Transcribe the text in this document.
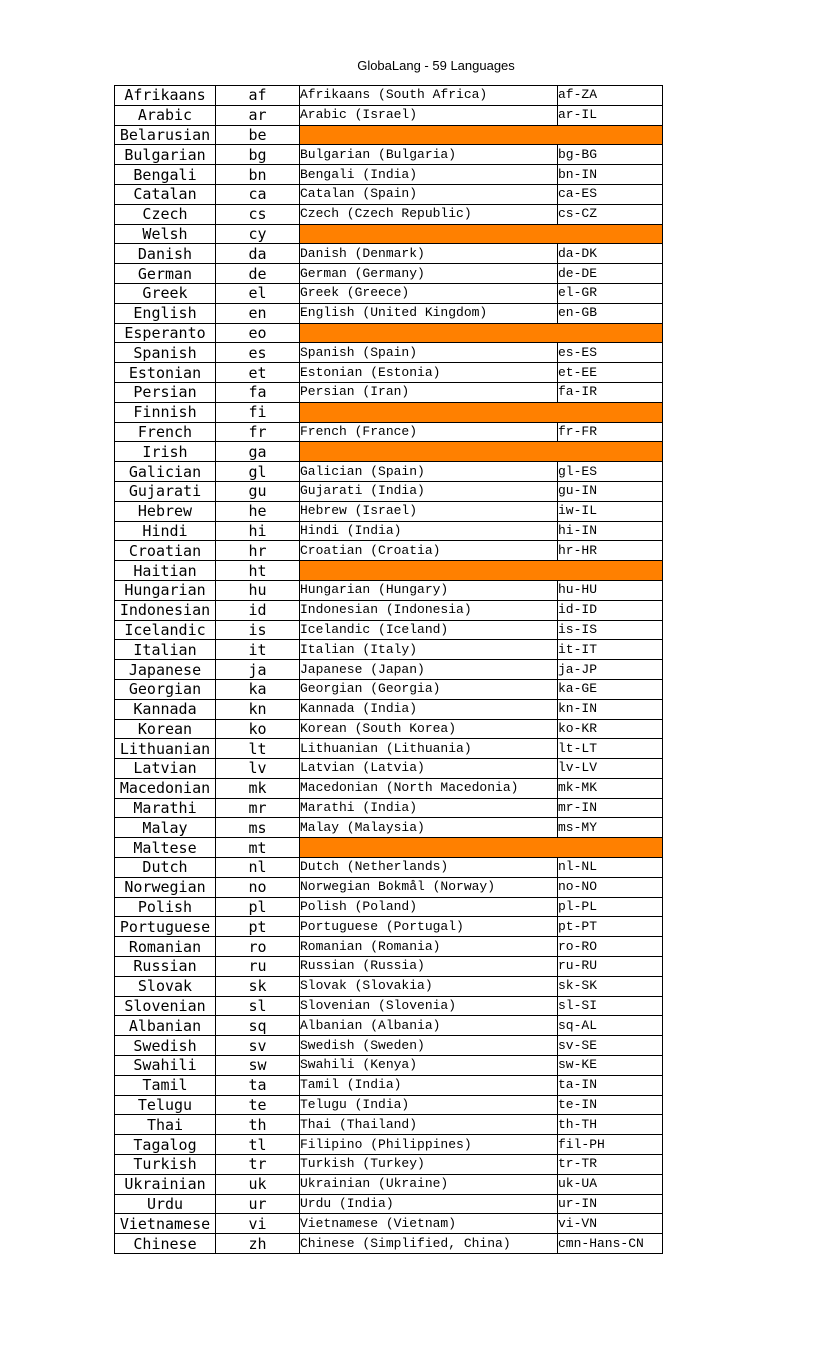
GlobaLang - 59 Languages
Afrikaans	af	Afrikaans (South Africa)	af-ZA
Arabic	ar	Arabic (Israel)	ar-IL
Belarusian	be		
Bulgarian	bg	Bulgarian (Bulgaria)	bg-BG
Bengali	bn	Bengali (India)	bn-IN
Catalan	ca	Catalan (Spain)	ca-ES
Czech	cs	Czech (Czech Republic)	cs-CZ
Welsh	cy		
Danish	da	Danish (Denmark)	da-DK
German	de	German (Germany)	de-DE
Greek	el	Greek (Greece)	el-GR
English	en	English (United Kingdom)	en-GB
Esperanto	eo		
Spanish	es	Spanish (Spain)	es-ES
Estonian	et	Estonian (Estonia)	et-EE
Persian	fa	Persian (Iran)	fa-IR
Finnish	fi		
French	fr	French (France)	fr-FR
Irish	ga		
Galician	gl	Galician (Spain)	gl-ES
Gujarati	gu	Gujarati (India)	gu-IN
Hebrew	he	Hebrew (Israel)	iw-IL
Hindi	hi	Hindi (India)	hi-IN
Croatian	hr	Croatian (Croatia)	hr-HR
Haitian	ht		
Hungarian	hu	Hungarian (Hungary)	hu-HU
Indonesian	id	Indonesian (Indonesia)	id-ID
Icelandic	is	Icelandic (Iceland)	is-IS
Italian	it	Italian (Italy)	it-IT
Japanese	ja	Japanese (Japan)	ja-JP
Georgian	ka	Georgian (Georgia)	ka-GE
Kannada	kn	Kannada (India)	kn-IN
Korean	ko	Korean (South Korea)	ko-KR
Lithuanian	lt	Lithuanian (Lithuania)	lt-LT
Latvian	lv	Latvian (Latvia)	lv-LV
Macedonian	mk	Macedonian (North Macedonia)	mk-MK
Marathi	mr	Marathi (India)	mr-IN
Malay	ms	Malay (Malaysia)	ms-MY
Maltese	mt		
Dutch	nl	Dutch (Netherlands)	nl-NL
Norwegian	no	Norwegian Bokmål (Norway)	no-NO
Polish	pl	Polish (Poland)	pl-PL
Portuguese	pt	Portuguese (Portugal)	pt-PT
Romanian	ro	Romanian (Romania)	ro-RO
Russian	ru	Russian (Russia)	ru-RU
Slovak	sk	Slovak (Slovakia)	sk-SK
Slovenian	sl	Slovenian (Slovenia)	sl-SI
Albanian	sq	Albanian (Albania)	sq-AL
Swedish	sv	Swedish (Sweden)	sv-SE
Swahili	sw	Swahili (Kenya)	sw-KE
Tamil	ta	Tamil (India)	ta-IN
Telugu	te	Telugu (India)	te-IN
Thai	th	Thai (Thailand)	th-TH
Tagalog	tl	Filipino (Philippines)	fil-PH
Turkish	tr	Turkish (Turkey)	tr-TR
Ukrainian	uk	Ukrainian (Ukraine)	uk-UA
Urdu	ur	Urdu (India)	ur-IN
Vietnamese	vi	Vietnamese (Vietnam)	vi-VN
Chinese	zh	Chinese (Simplified, China)	cmn-Hans-CN
